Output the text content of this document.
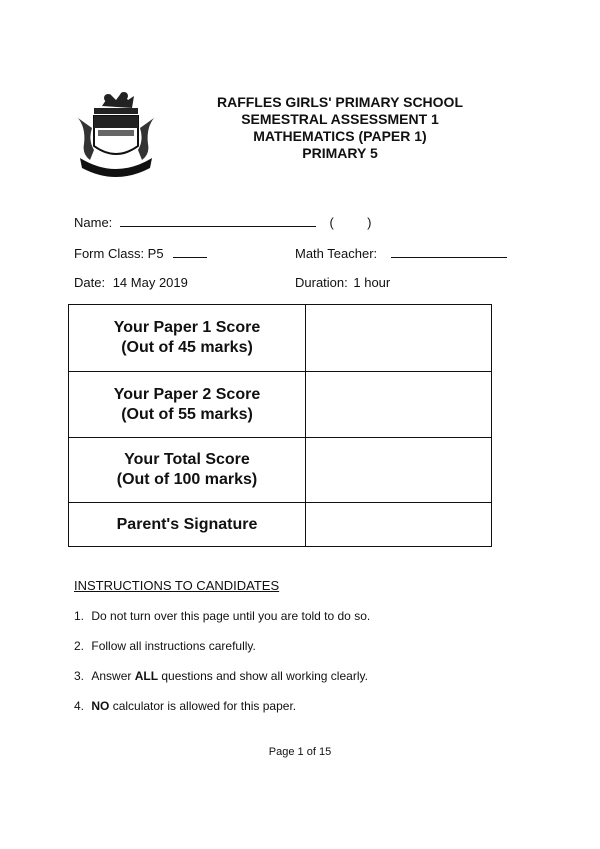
RAFFLES GIRLS' PRIMARY SCHOOL
SEMESTRAL ASSESSMENT 1
MATHEMATICS (PAPER 1)
PRIMARY 5
Name:	(	)
Form Class: P5	Math Teacher:
Date: 14 May 2019	Duration: 1 hour
Your Paper 1 Score
(Out of 45 marks)
Your Paper 2 Score
(Out of 55 marks)
Your Total Score
(Out of 100 marks)
Parent's Signature
INSTRUCTIONS TO CANDIDATES
1. Do not turn over this page until you are told to do so.
2. Follow all instructions carefully.
3. Answer ALL questions and show all working clearly.
4. NO calculator is allowed for this paper.
Page 1 of 15
